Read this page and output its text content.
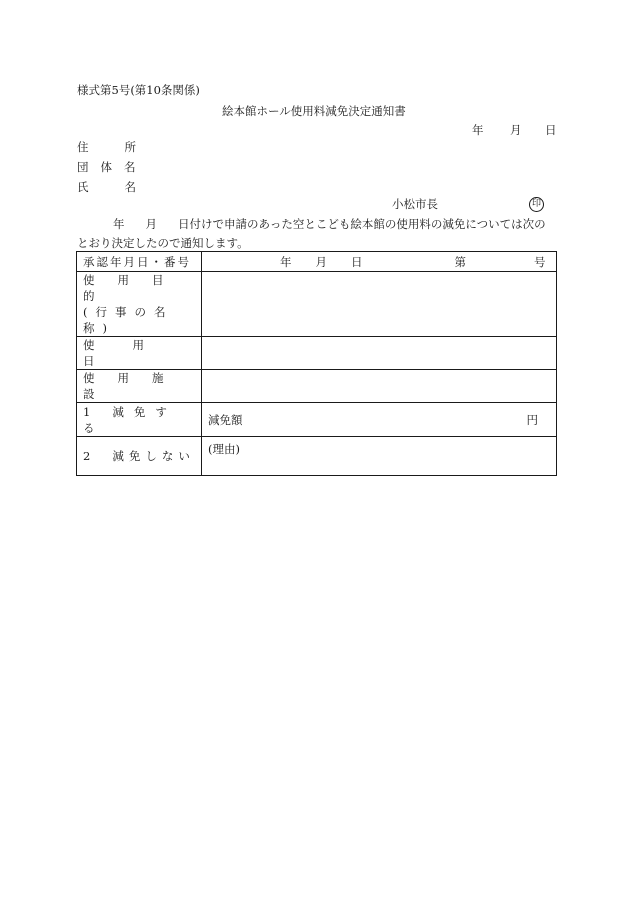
様式第5号(第10条関係)
絵本館ホール使用料減免決定通知書
年 月 日
住所
団体名
氏名
小松市長	印
年 月 日付けで申請のあった空とこども絵本館の使用料の減免については次のとおり決定したので通知します。
承認年月日・番号	年 月 日 第 号

使用目的
(行事の名称)	

使用日	

使用施設	

1 減免する	減免額 円

2 減免しない	(理由)
